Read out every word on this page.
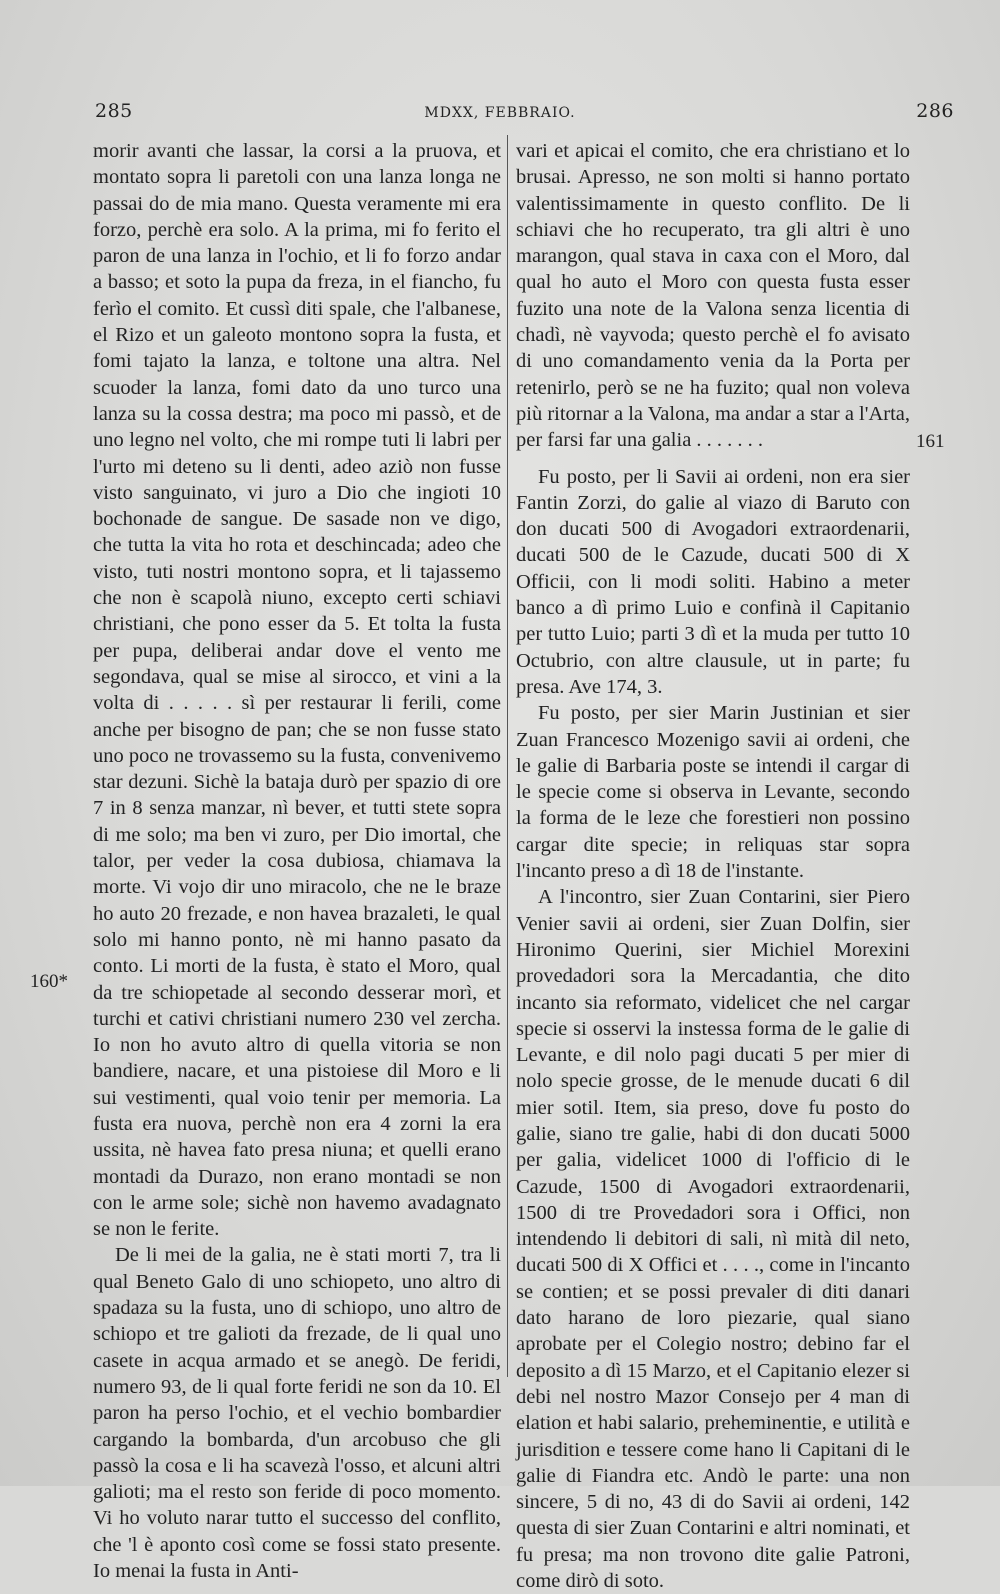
285	MDXX, FEBBRAIO.	286
160*
161

morir avanti che lassar, la corsi a la pruova, et montato sopra li paretoli con una lanza longa ne passai do de mia mano. Questa veramente mi era forzo, perchè era solo. A la prima, mi fo ferito el paron de una lanza in l'ochio, et li fo forzo andar a basso; et soto la pupa da freza, in el fiancho, fu ferìo el comito. Et cussì diti spale, che l'albanese, el Rizo et un galeoto montono sopra la fusta, et fomi tajato la lanza, e toltone una altra. Nel scuoder la lanza, fomi dato da uno turco una lanza su la cossa destra; ma poco mi passò, et de uno legno nel volto, che mi rompe tuti li labri per l'urto mi deteno su li denti, adeo aziò non fusse visto sanguinato, vi juro a Dio che ingioti 10 bochonade de sangue. De sasade non ve digo, che tutta la vita ho rota et deschincada; adeo che visto, tuti nostri montono sopra, et li tajassemo che non è scapolà niuno, excepto certi schiavi christiani, che pono esser da 5. Et tolta la fusta per pupa, deliberai andar dove el vento me segondava, qual se mise al sirocco, et vini a la volta di . . . . . sì per restaurar li ferili, come anche per bisogno de pan; che se non fusse stato uno poco ne trovassemo su la fusta, convenivemo star dezuni. Sichè la bataja durò per spazio di ore 7 in 8 senza manzar, nì bever, et tutti stete sopra di me solo; ma ben vi zuro, per Dio imortal, che talor, per veder la cosa dubiosa, chiamava la morte. Vi vojo dir uno miracolo, che ne le braze ho auto 20 frezade, e non havea brazaleti, le qual solo mi hanno ponto, nè mi hanno pasato da conto. Li morti de la fusta, è stato el Moro, qual da tre schiopetade al secondo desserar morì, et turchi et cativi christiani numero 230 vel zercha. Io non ho avuto altro di quella vitoria se non bandiere, nacare, et una pistoiese dil Moro e li sui vestimenti, qual voio tenir per memoria. La fusta era nuova, perchè non era 4 zorni la era ussita, nè havea fato presa niuna; et quelli erano montadi da Durazo, non erano montadi se non con le arme sole; sichè non havemo avadagnato se non le ferite.

De li mei de la galia, ne è stati morti 7, tra li qual Beneto Galo di uno schiopeto, uno altro di spadaza su la fusta, uno di schiopo, uno altro de schiopo et tre galioti da frezade, de li qual uno casete in acqua armado et se anegò. De feridi, numero 93, de li qual forte feridi ne son da 10. El paron ha perso l'ochio, et el vechio bombardier cargando la bombarda, d'un arcobuso che gli passò la cosa e li ha scavezà l'osso, et alcuni altri galioti; ma el resto son feride di poco momento. Vi ho voluto narar tutto el successo del conflito, che 'l è aponto così come se fossi stato presente. Io menai la fusta in Anti-

vari et apicai el comito, che era christiano et lo brusai. Apresso, ne son molti si hanno portato valentissimamente in questo conflito. De li schiavi che ho recuperato, tra gli altri è uno marangon, qual stava in caxa con el Moro, dal qual ho auto el Moro con questa fusta esser fuzito una note de la Valona senza licentia di chadì, nè vayvoda; questo perchè el fo avisato di uno comandamento venia da la Porta per retenirlo, però se ne ha fuzito; qual non voleva più ritornar a la Valona, ma andar a star a l'Arta, per farsi far una galia . . . . . . .

Fu posto, per li Savii ai ordeni, non era sier Fantin Zorzi, do galie al viazo di Baruto con don ducati 500 di Avogadori extraordenarii, ducati 500 de le Cazude, ducati 500 di X Officii, con li modi soliti. Habino a meter banco a dì primo Luio e confinà il Capitanio per tutto Luio; parti 3 dì et la muda per tutto 10 Octubrio, con altre clausule, ut in parte; fu presa. Ave 174, 3.

Fu posto, per sier Marin Justinian et sier Zuan Francesco Mozenigo savii ai ordeni, che le galie di Barbaria poste se intendi il cargar di le specie come si observa in Levante, secondo la forma de le leze che forestieri non possino cargar dite specie; in reliquas star sopra l'incanto preso a dì 18 de l'instante.

A l'incontro, sier Zuan Contarini, sier Piero Venier savii ai ordeni, sier Zuan Dolfin, sier Hironimo Querini, sier Michiel Morexini provedadori sora la Mercadantia, che dito incanto sia reformato, videlicet che nel cargar specie si osservi la instessa forma de le galie di Levante, e dil nolo pagi ducati 5 per mier di nolo specie grosse, de le menude ducati 6 dil mier sotil. Item, sia preso, dove fu posto do galie, siano tre galie, habi di don ducati 5000 per galia, videlicet 1000 di l'officio di le Cazude, 1500 di Avogadori extraordenarii, 1500 di tre Provedadori sora i Offici, non intendendo li debitori di sali, nì mità dil neto, ducati 500 di X Offici et . . . ., come in l'incanto se contien; et se possi prevaler di diti danari dato harano de loro piezarie, qual siano aprobate per el Colegio nostro; debino far el deposito a dì 15 Marzo, et el Capitanio elezer si debi nel nostro Mazor Consejo per 4 man di elation et habi salario, preheminentie, e utilità e jurisdition e tessere come hano li Capitani di le galie di Fiandra etc. Andò le parte: una non sincere, 5 di no, 43 di do Savii ai ordeni, 142 questa di sier Zuan Contarini e altri nominati, et fu presa; ma non trovono dite galie Patroni, come dirò di soto.
